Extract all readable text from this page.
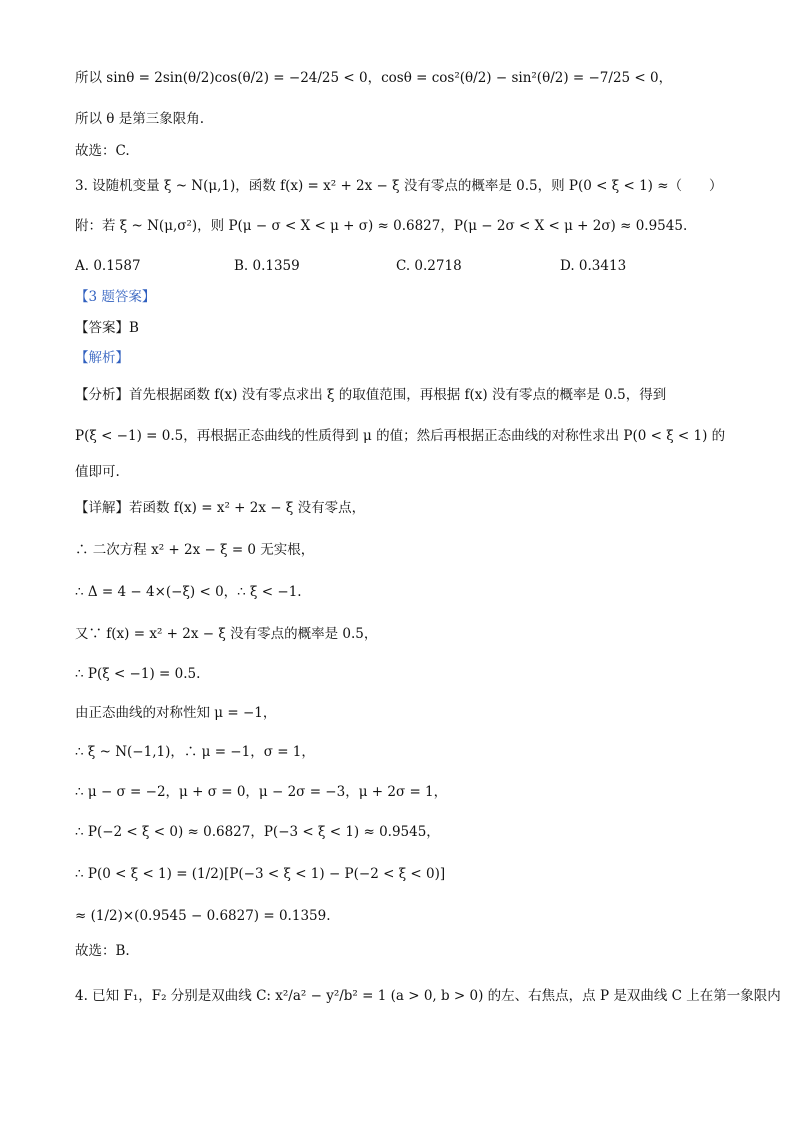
所以 sinθ = 2sin(θ/2)cos(θ/2) = −24/25 < 0，cosθ = cos²(θ/2) − sin²(θ/2) = −7/25 < 0，
所以 θ 是第三象限角.
故选：C.
3. 设随机变量 ξ ~ N(μ,1)，函数 f(x) = x² + 2x − ξ 没有零点的概率是 0.5，则 P(0 < ξ < 1) ≈（　　）
附：若 ξ ~ N(μ,σ²)，则 P(μ − σ < X < μ + σ) ≈ 0.6827，P(μ − 2σ < X < μ + 2σ) ≈ 0.9545.
A. 0.1587	B. 0.1359	C. 0.2718	D. 0.3413
【3 题答案】
【答案】B
【解析】
【分析】首先根据函数 f(x) 没有零点求出 ξ 的取值范围，再根据 f(x) 没有零点的概率是 0.5，得到
P(ξ < −1) = 0.5，再根据正态曲线的性质得到 μ 的值；然后再根据正态曲线的对称性求出 P(0 < ξ < 1) 的
值即可.
【详解】若函数 f(x) = x² + 2x − ξ 没有零点，
∴ 二次方程 x² + 2x − ξ = 0 无实根，
∴ Δ = 4 − 4×(−ξ) < 0，∴ ξ < −1.
又∵ f(x) = x² + 2x − ξ 没有零点的概率是 0.5，
∴ P(ξ < −1) = 0.5.
由正态曲线的对称性知 μ = −1，
∴ ξ ~ N(−1,1)，∴ μ = −1，σ = 1，
∴ μ − σ = −2，μ + σ = 0，μ − 2σ = −3，μ + 2σ = 1，
∴ P(−2 < ξ < 0) ≈ 0.6827，P(−3 < ξ < 1) ≈ 0.9545，
∴ P(0 < ξ < 1) = (1/2)[P(−3 < ξ < 1) − P(−2 < ξ < 0)]
≈ (1/2)×(0.9545 − 0.6827) = 0.1359.
故选：B.
4. 已知 F₁，F₂ 分别是双曲线 C: x²/a² − y²/b² = 1 (a > 0, b > 0) 的左、右焦点，点 P 是双曲线 C 上在第一象限内
